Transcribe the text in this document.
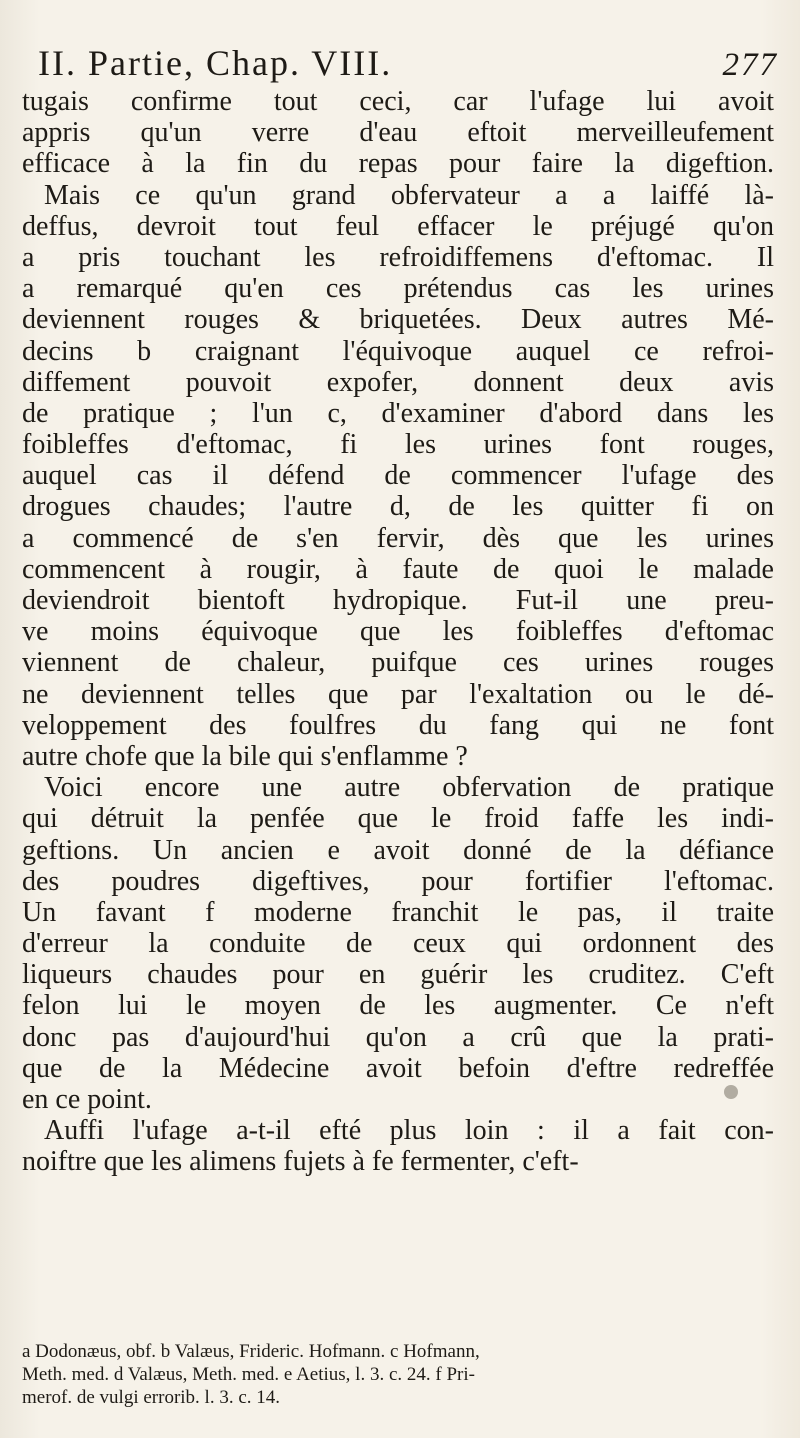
II. Partie, Chap. VIII.	277
tugais confirme tout ceci, car l'ufage lui avoit
appris qu'un verre d'eau eftoit merveilleufement
efficace à la fin du repas pour faire la digeftion.
Mais ce qu'un grand obfervateur a a laiffé là-
deffus, devroit tout feul effacer le préjugé qu'on
a pris touchant les refroidiffemens d'eftomac. Il
a remarqué qu'en ces prétendus cas les urines
deviennent rouges & briquetées. Deux autres Mé-
decins b craignant l'équivoque auquel ce refroi-
diffement pouvoit expofer, donnent deux avis
de pratique ; l'un c, d'examiner d'abord dans les
foibleffes d'eftomac, fi les urines font rouges,
auquel cas il défend de commencer l'ufage des
drogues chaudes; l'autre d, de les quitter fi on
a commencé de s'en fervir, dès que les urines
commencent à rougir, à faute de quoi le malade
deviendroit bientoft hydropique. Fut-il une preu-
ve moins équivoque que les foibleffes d'eftomac
viennent de chaleur, puifque ces urines rouges
ne deviennent telles que par l'exaltation ou le dé-
veloppement des foulfres du fang qui ne font
autre chofe que la bile qui s'enflamme ?
Voici encore une autre obfervation de pratique
qui détruit la penfée que le froid faffe les indi-
geftions. Un ancien e avoit donné de la défiance
des poudres digeftives, pour fortifier l'eftomac.
Un favant f moderne franchit le pas, il traite
d'erreur la conduite de ceux qui ordonnent des
liqueurs chaudes pour en guérir les cruditez. C'eft
felon lui le moyen de les augmenter. Ce n'eft
donc pas d'aujourd'hui qu'on a crû que la prati-
que de la Médecine avoit befoin d'eftre redreffée
en ce point.
Auffi l'ufage a-t-il efté plus loin : il a fait con-
noiftre que les alimens fujets à fe fermenter, c'eft-
a Dodonæus, obf. b Valæus, Frideric. Hofmann. c Hofmann,
Meth. med. d Valæus, Meth. med. e Aetius, l. 3. c. 24. f Pri-
merof. de vulgi errorib. l. 3. c. 14.
